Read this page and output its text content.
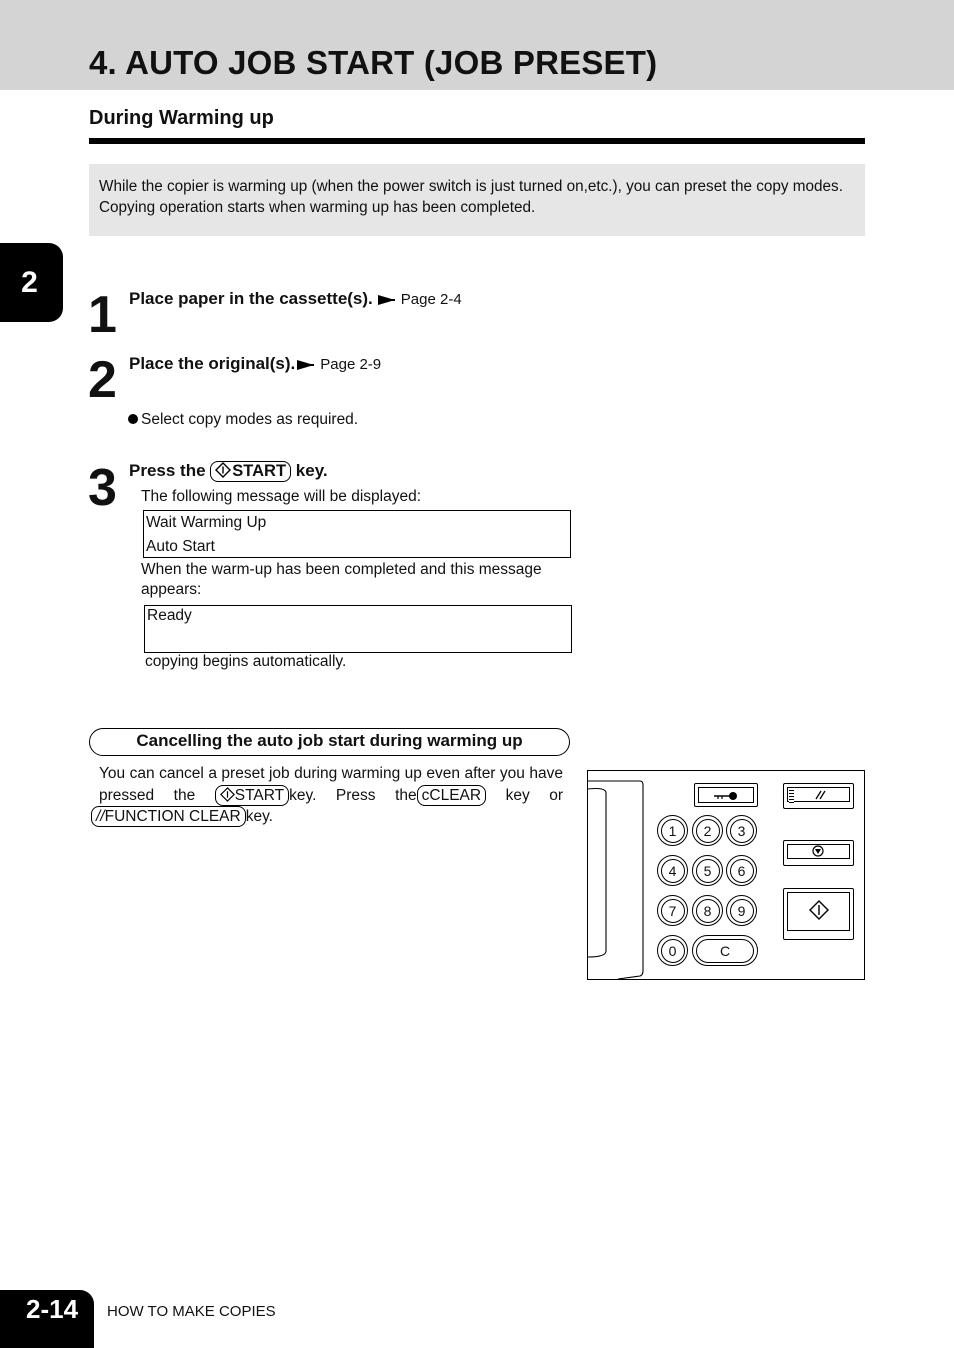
4. AUTO JOB START (JOB PRESET)
During Warming up
While the copier is warming up (when the power switch is just turned on,etc.), you can preset the copy modes. Copying operation starts when warming up has been completed.
2
1 Place paper in the cassette(s). Page 2-4
2 Place the original(s). Page 2-9
Select copy modes as required.
3 Press the START key.
The following message will be displayed:
Wait Warming Up
Auto Start
When the warm-up has been completed and this message
appears:
Ready
copying begins automatically.
Cancelling the auto job start during warming up
You can cancel a preset job during warming up even after you have pressed the	START key. Press the cCLEAR key or //FUNCTION CLEAR key.
1	2	3
4	5	6
7	8	9
0	C
2-14	HOW TO MAKE COPIES
